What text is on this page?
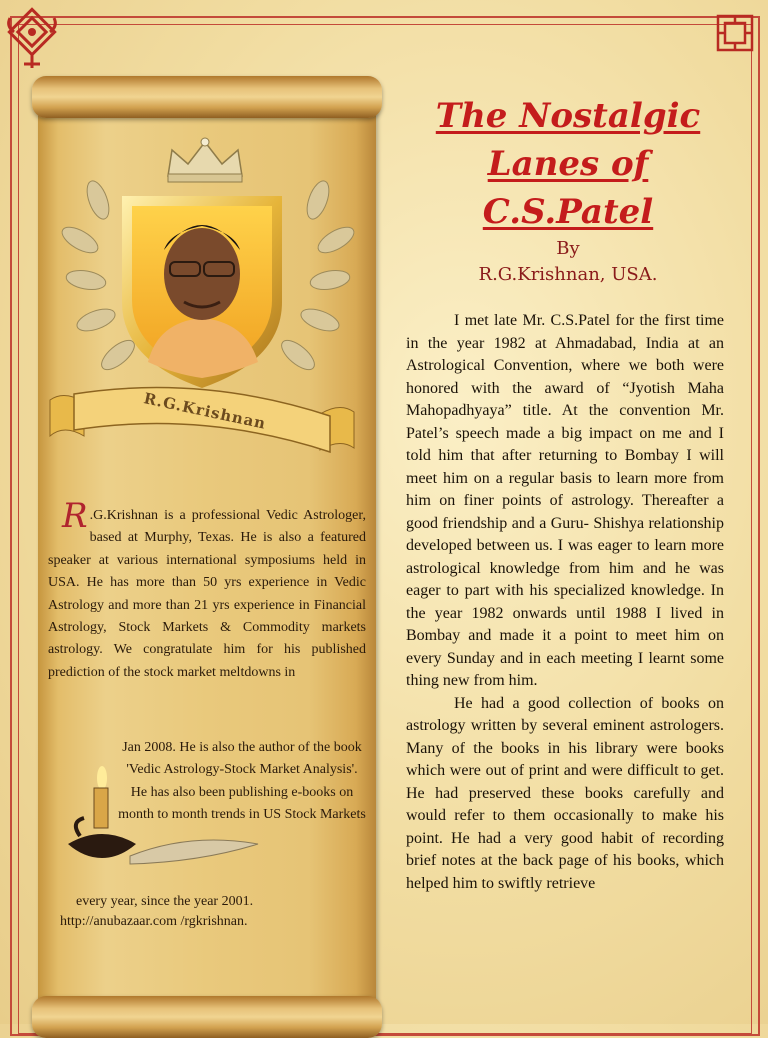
R.G.Krishnan

R .G.Krishnan is a professional Vedic Astrologer, based at Murphy, Texas. He is also a featured speaker at various international symposiums held in USA. He has more than 50 yrs experience in Vedic Astrology and more than 21 yrs experience in Financial Astrology, Stock Markets & Commodity markets astrology. We congratulate him for his published prediction of the stock market meltdowns in

Jan 2008. He is also the author of the book 'Vedic Astrology-Stock Market Analysis'. He has also been publishing e-books on month to month trends in US Stock Markets
every year, since the year 2001.
http://anubazaar.com /rgkrishnan.
The Nostalgic
Lanes of
C.S.Patel
By
R.G.Krishnan, USA.

I met late Mr. C.S.Patel for the first time in the year 1982 at Ahmadabad, India at an Astrological Convention, where we both were honored with the award of “Jyotish Maha Mahopadhyaya” title. At the convention Mr. Patel’s speech made a big impact on me and I told him that after returning to Bombay I will meet him on a regular basis to learn more from him on finer points of astrology. Thereafter a good friendship and a Guru- Shishya relationship developed between us. I was eager to learn more astrological knowledge from him and he was eager to part with his specialized knowledge. In the year 1982 onwards until 1988 I lived in Bombay and made it a point to meet him on every Sunday and in each meeting I learnt some thing new from him.

He had a good collection of books on astrology written by several eminent astrologers. Many of the books in his library were books which were out of print and were difficult to get. He had preserved these books carefully and would refer to them occasionally to make his point. He had a very good habit of recording brief notes at the back page of his books, which helped him to swiftly retrieve
